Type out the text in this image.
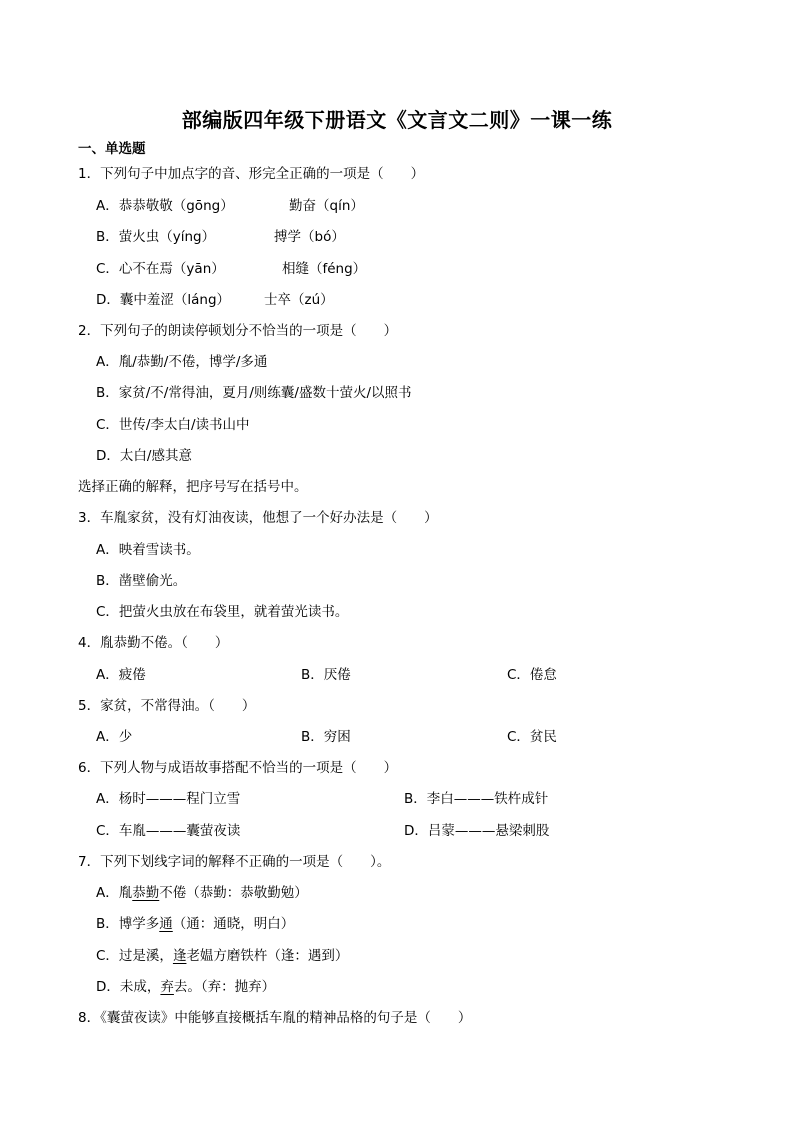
部编版四年级下册语文《文言文二则》一课一练
一、单选题
1．下列句子中加点字的音、形完全正确的一项是（　　）
A．恭恭敬敬（gōng）	勤奋（qín）
B．萤火虫（yíng）	搏学（bó）
C．心不在焉（yān）	相缝（féng）
D．囊中羞涩（láng）	士卒（zú）
2．下列句子的朗读停顿划分不恰当的一项是（　　）
A．胤/恭勤/不倦，博学/多通
B．家贫/不/常得油，夏月/则练囊/盛数十萤火/以照书
C．世传/李太白/读书山中
D．太白/感其意
选择正确的解释，把序号写在括号中。
3．车胤家贫，没有灯油夜读，他想了一个好办法是（　　）
A．映着雪读书。
B．凿壁偷光。
C．把萤火虫放在布袋里，就着萤光读书。
4．胤恭勤不倦。（　　）
A．疲倦	B．厌倦	C．倦怠
5．家贫，不常得油。（　　）
A．少	B．穷困	C．贫民
6．下列人物与成语故事搭配不恰当的一项是（　　）
A．杨时———程门立雪	B．李白———铁杵成针
C．车胤———囊萤夜读	D．吕蒙———悬梁刺股
7．下列下划线字词的解释不正确的一项是（　　）。
A．胤恭勤不倦（恭勤：恭敬勤勉）
B．博学多通（通：通晓，明白）
C．过是溪，逢老媪方磨铁杵（逢：遇到）
D．未成，弃去。（弃：抛弃）
8．《囊萤夜读》中能够直接概括车胤的精神品格的句子是（　　）
